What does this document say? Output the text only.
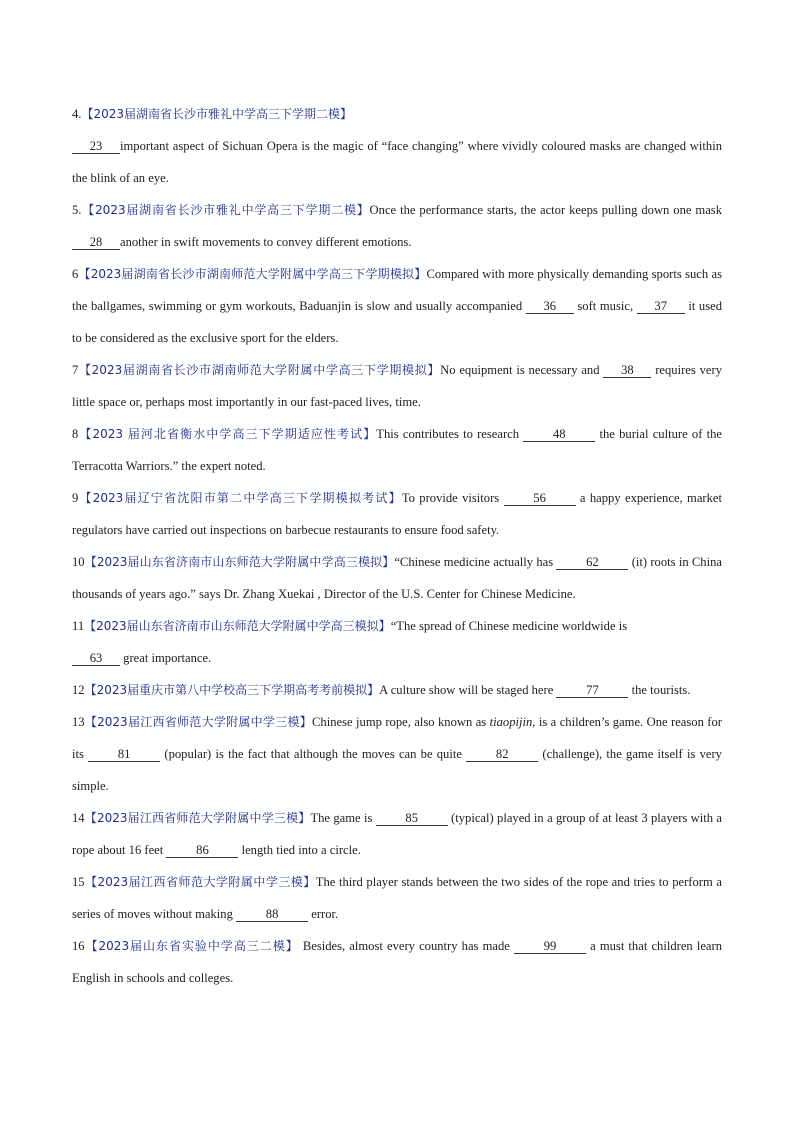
4.【2023届湖南省长沙市雅礼中学高三下学期二模】
23 important aspect of Sichuan Opera is the magic of “face changing” where vividly coloured masks are changed within the blink of an eye.
5.【2023届湖南省长沙市雅礼中学高三下学期二模】Once the performance starts, the actor keeps pulling down one mask 28 another in swift movements to convey different emotions.
6【2023届湖南省长沙市湖南师范大学附属中学高三下学期模拟】Compared with more physically demanding sports such as the ballgames, swimming or gym workouts, Baduanjin is slow and usually accompanied 36 soft music, 37 it used to be considered as the exclusive sport for the elders.
7【2023届湖南省长沙市湖南师范大学附属中学高三下学期模拟】No equipment is necessary and 38 requires very little space or, perhaps most importantly in our fast-paced lives, time.
8【2023 届河北省衡水中学高三下学期适应性考试】This contributes to research	48	the burial culture of the Terracotta Warriors.” the expert noted.
9【2023届辽宁省沈阳市第二中学高三下学期模拟考试】To provide visitors	56	a happy experience, market regulators have carried out inspections on barbecue restaurants to ensure food safety.
10【2023届山东省济南市山东师范大学附属中学高三模拟】“Chinese medicine actually has	62	(it) roots in China thousands of years ago.” says Dr. Zhang Xuekai , Director of the U.S. Center for Chinese Medicine.
11【2023届山东省济南市山东师范大学附属中学高三模拟】“The spread of Chinese medicine worldwide is
63 great importance.
12【2023届重庆市第八中学校高三下学期高考考前模拟】A culture show will be staged here	77	the tourists.
13【2023届江西省师范大学附属中学三模】Chinese jump rope, also known as tiaopijin, is a children’s game. One reason for its	81	(popular) is the fact that although the moves can be quite	82	(challenge), the game itself is very simple.
14【2023届江西省师范大学附属中学三模】The game is	85	(typical) played in a group of at least 3 players with a rope about 16 feet	86	length tied into a circle.
15【2023届江西省师范大学附属中学三模】The third player stands between the two sides of the rope and tries to perform a series of moves without making	88	error.
16【2023届山东省实验中学高三二模】 Besides, almost every country has made	99	a must that children learn English in schools and colleges.
